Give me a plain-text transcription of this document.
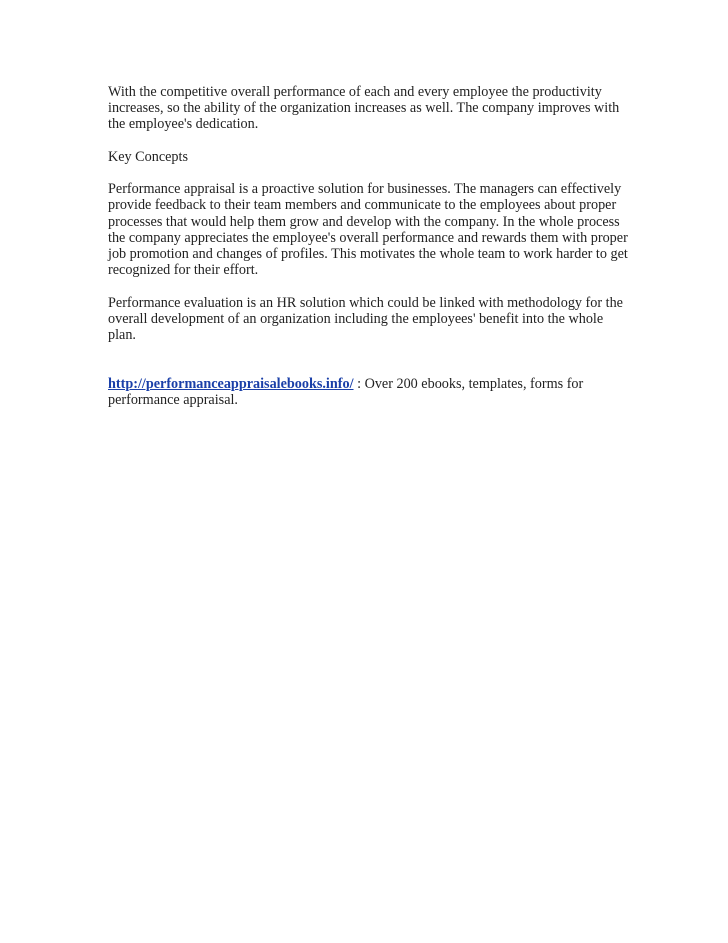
With the competitive overall performance of each and every employee the productivity increases, so the ability of the organization increases as well. The company improves with the employee's dedication.

Key Concepts

Performance appraisal is a proactive solution for businesses. The managers can effectively provide feedback to their team members and communicate to the employees about proper processes that would help them grow and develop with the company. In the whole process the company appreciates the employee's overall performance and rewards them with proper job promotion and changes of profiles. This motivates the whole team to work harder to get recognized for their effort.

Performance evaluation is an HR solution which could be linked with methodology for the overall development of an organization including the employees' benefit into the whole plan.

http://performanceappraisalebooks.info/ : Over 200 ebooks, templates, forms for performance appraisal.
